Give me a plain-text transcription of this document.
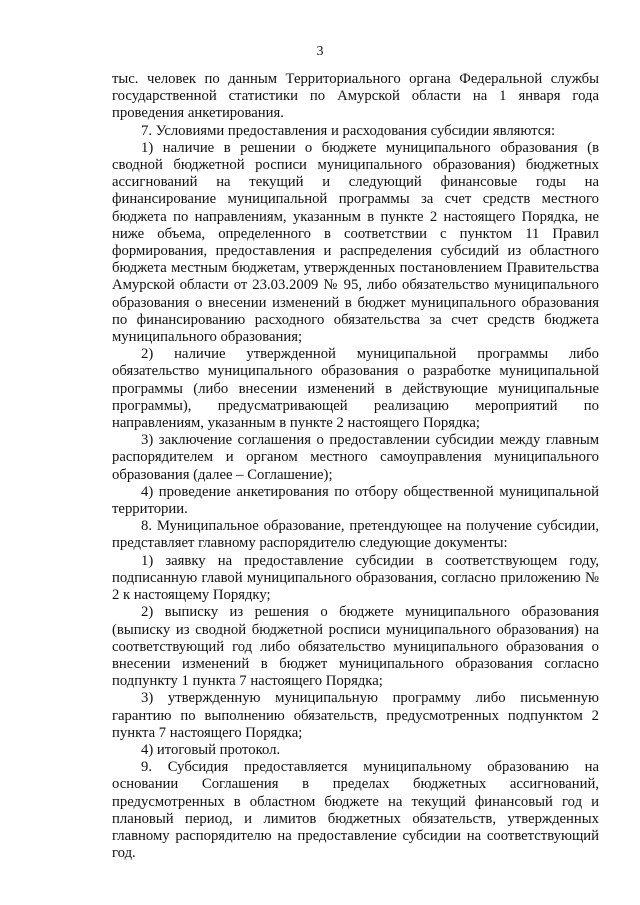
3

тыс. человек по данным Территориального органа Федеральной службы государственной статистики по Амурской области на 1 января года проведения анкетирования.

7. Условиями предоставления и расходования субсидии являются:

1) наличие в решении о бюджете муниципального образования (в сводной бюджетной росписи муниципального образования) бюджетных ассигнований на текущий и следующий финансовые годы на финансирование муниципальной программы за счет средств местного бюджета по направлениям, указанным в пункте 2 настоящего Порядка, не ниже объема, определенного в соответствии с пунктом 11 Правил формирования, предоставления и распределения субсидий из областного бюджета местным бюджетам, утвержденных постановлением Правительства Амурской области от 23.03.2009 № 95, либо обязательство муниципального образования о внесении изменений в бюджет муниципального образования по финансированию расходного обязательства за счет средств бюджета муниципального образования;

2) наличие утвержденной муниципальной программы либо обязательство муниципального образования о разработке муниципальной программы (либо внесении изменений в действующие муниципальные программы), предусматривающей реализацию мероприятий по направлениям, указанным в пункте 2 настоящего Порядка;

3) заключение соглашения о предоставлении субсидии между главным распорядителем и органом местного самоуправления муниципального образования (далее – Соглашение);

4) проведение анкетирования по отбору общественной муниципальной территории.

8. Муниципальное образование, претендующее на получение субсидии, представляет главному распорядителю следующие документы:

1) заявку на предоставление субсидии в соответствующем году, подписанную главой муниципального образования, согласно приложению № 2 к настоящему Порядку;

2) выписку из решения о бюджете муниципального образования (выписку из сводной бюджетной росписи муниципального образования) на соответствующий год либо обязательство муниципального образования о внесении изменений в бюджет муниципального образования согласно подпункту 1 пункта 7 настоящего Порядка;

3) утвержденную муниципальную программу либо письменную гарантию по выполнению обязательств, предусмотренных подпунктом 2 пункта 7 настоящего Порядка;

4) итоговый протокол.

9. Субсидия предоставляется муниципальному образованию на основании Соглашения в пределах бюджетных ассигнований, предусмотренных в областном бюджете на текущий финансовый год и плановый период, и лимитов бюджетных обязательств, утвержденных главному распорядителю на предоставление субсидии на соответствующий год.
